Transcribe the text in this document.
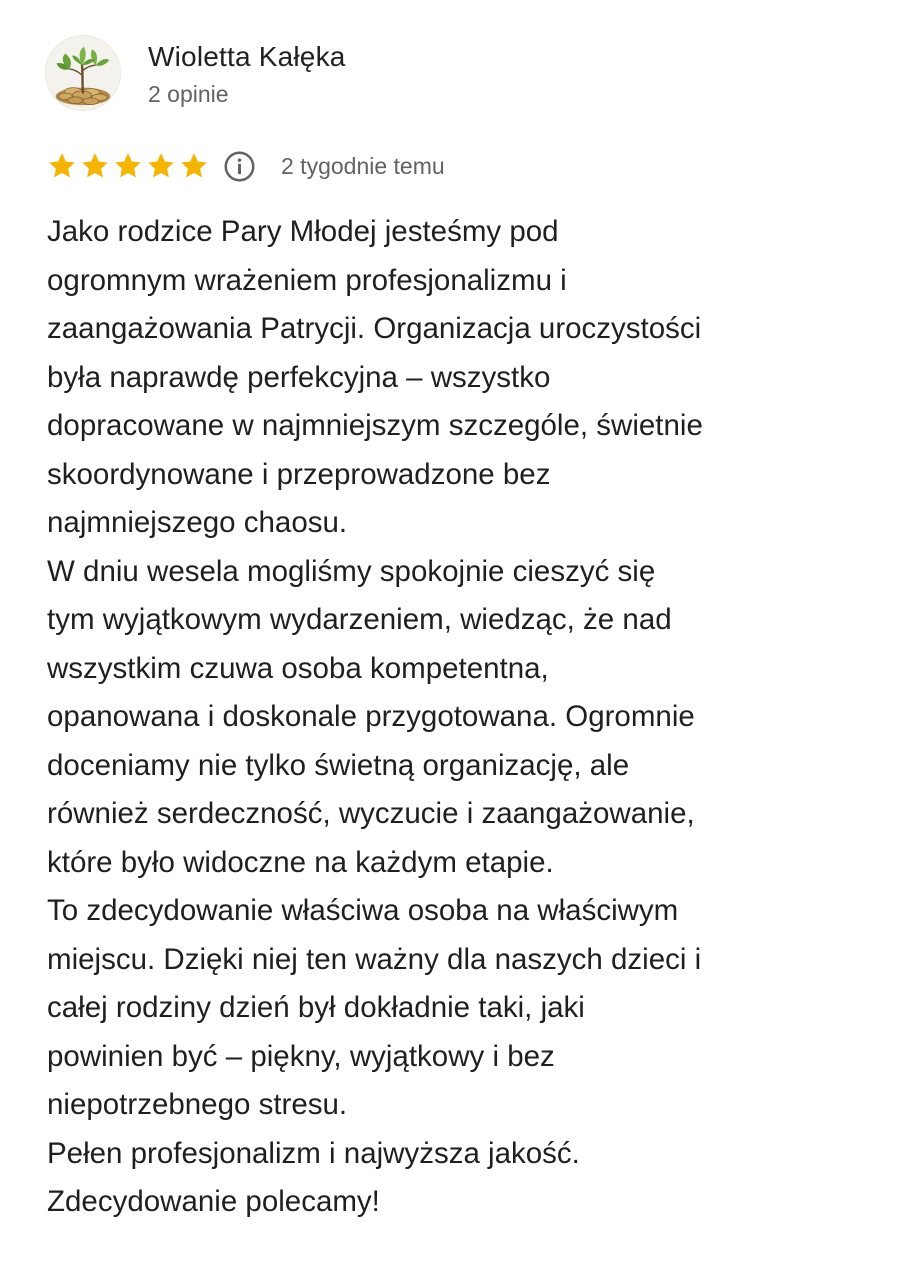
Wioletta Kałęka
2 opinie
2 tygodnie temu

Jako rodzice Pary Młodej jesteśmy pod
ogromnym wrażeniem profesjonalizmu i
zaangażowania Patrycji. Organizacja uroczystości
była naprawdę perfekcyjna – wszystko
dopracowane w najmniejszym szczególe, świetnie
skoordynowane i przeprowadzone bez
najmniejszego chaosu.
W dniu wesela mogliśmy spokojnie cieszyć się
tym wyjątkowym wydarzeniem, wiedząc, że nad
wszystkim czuwa osoba kompetentna,
opanowana i doskonale przygotowana. Ogromnie
doceniamy nie tylko świetną organizację, ale
również serdeczność, wyczucie i zaangażowanie,
które było widoczne na każdym etapie.
To zdecydowanie właściwa osoba na właściwym
miejscu. Dzięki niej ten ważny dla naszych dzieci i
całej rodziny dzień był dokładnie taki, jaki
powinien być – piękny, wyjątkowy i bez
niepotrzebnego stresu.
Pełen profesjonalizm i najwyższa jakość.
Zdecydowanie polecamy!
